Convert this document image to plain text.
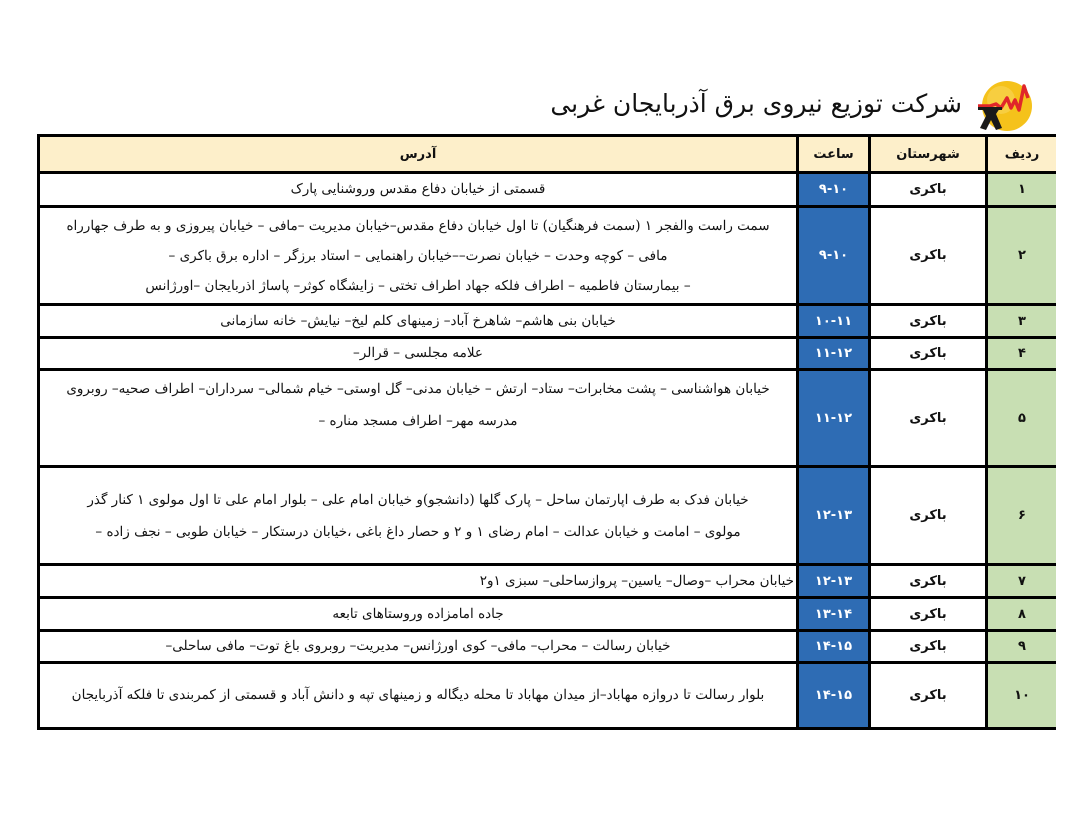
شرکت توزیع نیروی برق آذربایجان غربی
ردیف	شهرستان	ساعت	آدرس
۱	باکری	۹-۱۰	قسمتی از خیابان دفاع مقدس وروشنایی پارک
۲	باکری	۹-۱۰	سمت راست والفجر ۱ (سمت فرهنگیان) تا اول خیابان دفاع مقدس–خیابان مدیریت –مافی – خیابان پیروزی و به طرف جهارراه
مافی – کوچه وحدت – خیابان نصرت––خیابان راهنمایی – استاد برزگر – اداره برق باکری –
– بیمارستان فاطمیه – اطراف فلکه جهاد اطراف تختی – زایشگاه کوثر– پاساژ اذربایجان –اورژانس

۳	باکری	۱۰-۱۱	خیابان بنی هاشم– شاهرخ آباد– زمینهای کلم لیخ– نیایش– خانه سازمانی
۴	باکری	۱۱-۱۲	علامه مجلسی – قرالر–
۵	باکری	۱۱-۱۲	خیابان هواشناسی – پشت مخابرات– ستاد– ارتش – خیابان مدنی– گل اوستی– خیام شمالی– سرداران– اطراف صحیه– روبروی
مدرسه مهر– اطراف مسجد مناره –

۶	باکری	۱۲-۱۳	خیابان فدک به طرف اپارتمان ساحل – پارک گلها (دانشجو)و خیابان امام علی – بلوار امام علی تا اول مولوی ۱ کنار گذر
مولوی – امامت و خیابان عدالت – امام رضای ۱ و ۲ و حصار داغ باغی ،خیابان درستکار – خیابان طوبی – نجف زاده –

۷	باکری	۱۲-۱۳	خیابان محراب –وصال– یاسین– پروازساحلی– سبزی ۱و۲
۸	باکری	۱۳-۱۴	جاده امامزاده وروستاهای تابعه
۹	باکری	۱۴-۱۵	خیابان رسالت – محراب– مافی– کوی اورژانس– مدیریت– روبروی باغ توت– مافی ساحلی–
۱۰	باکری	۱۴-۱۵	بلوار رسالت تا دروازه مهاباد–از میدان مهاباد تا محله دیگاله و زمینهای تپه و دانش آباد و قسمتی از کمربندی تا فلکه آذربایجان
